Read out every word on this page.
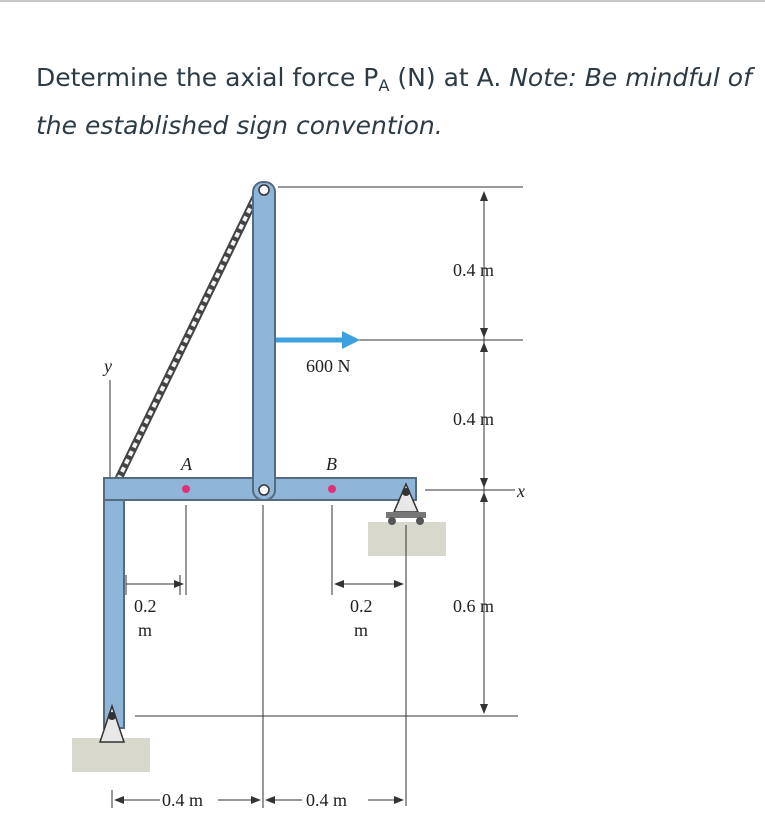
Determine the axial force $P_A$ (N) at A. Note: Be mindful of the established sign convention.
600 N
A	B
y
x
0.4 m
0.4 m
0.6 m
0.2
m
0.2
m
0.4 m	0.4 m
